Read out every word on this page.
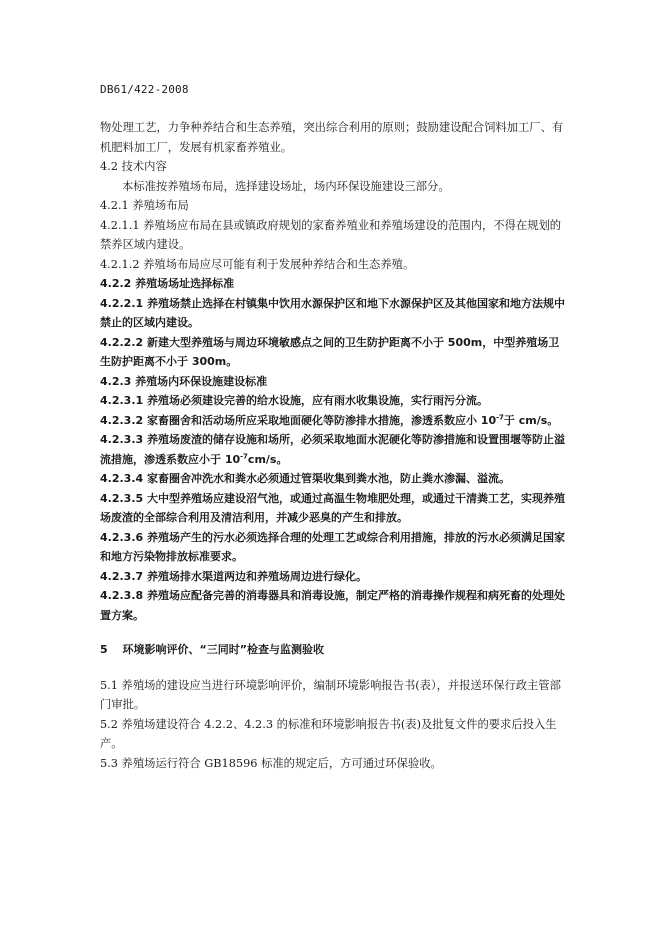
DB61/422-2008

物处理工艺，力争种养结合和生态养殖，突出综合利用的原则；鼓励建设配合饲料加工厂、有机肥料加工厂，发展有机家畜养殖业。

4.2 技术内容

本标准按养殖场布局，选择建设场址，场内环保设施建设三部分。

4.2.1 养殖场布局

4.2.1.1 养殖场应布局在县或镇政府规划的家畜养殖业和养殖场建设的范围内，不得在规划的禁养区域内建设。

4.2.1.2 养殖场布局应尽可能有利于发展种养结合和生态养殖。

4.2.2 养殖场场址选择标准

4.2.2.1 养殖场禁止选择在村镇集中饮用水源保护区和地下水源保护区及其他国家和地方法规中禁止的区域内建设。

4.2.2.2 新建大型养殖场与周边环境敏感点之间的卫生防护距离不小于 500m，中型养殖场卫生防护距离不小于 300m。

4.2.3 养殖场内环保设施建设标准

4.2.3.1 养殖场必须建设完善的给水设施，应有雨水收集设施，实行雨污分流。

4.2.3.2 家畜圈舍和活动场所应采取地面硬化等防渗排水措施，渗透系数应小 $10^{-7}$于 cm/s。

4.2.3.3 养殖场废渣的储存设施和场所，必须采取地面水泥硬化等防渗措施和设置围堰等防止溢流措施，渗透系数应小于 $10^{-7}cm/s$。

4.2.3.4 家畜圈舍冲洗水和粪水必须通过管渠收集到粪水池，防止粪水渗漏、溢流。

4.2.3.5 大中型养殖场应建设沼气池，或通过高温生物堆肥处理，或通过干清粪工艺，实现养殖场废渣的全部综合利用及清洁利用，并减少恶臭的产生和排放。

4.2.3.6 养殖场产生的污水必须选择合理的处理工艺或综合利用措施，排放的污水必须满足国家和地方污染物排放标准要求。

4.2.3.7 养殖场排水渠道两边和养殖场周边进行绿化。

4.2.3.8 养殖场应配备完善的消毒器具和消毒设施，制定严格的消毒操作规程和病死畜的处理处置方案。

5　 环境影响评价、“三同时”检查与监测验收

5.1 养殖场的建设应当进行环境影响评价，编制环境影响报告书(表），并报送环保行政主管部门审批。

5.2 养殖场建设符合 4.2.2、4.2.3 的标准和环境影响报告书(表)及批复文件的要求后投入生产。

5.3 养殖场运行符合 GB18596 标准的规定后，方可通过环保验收。
